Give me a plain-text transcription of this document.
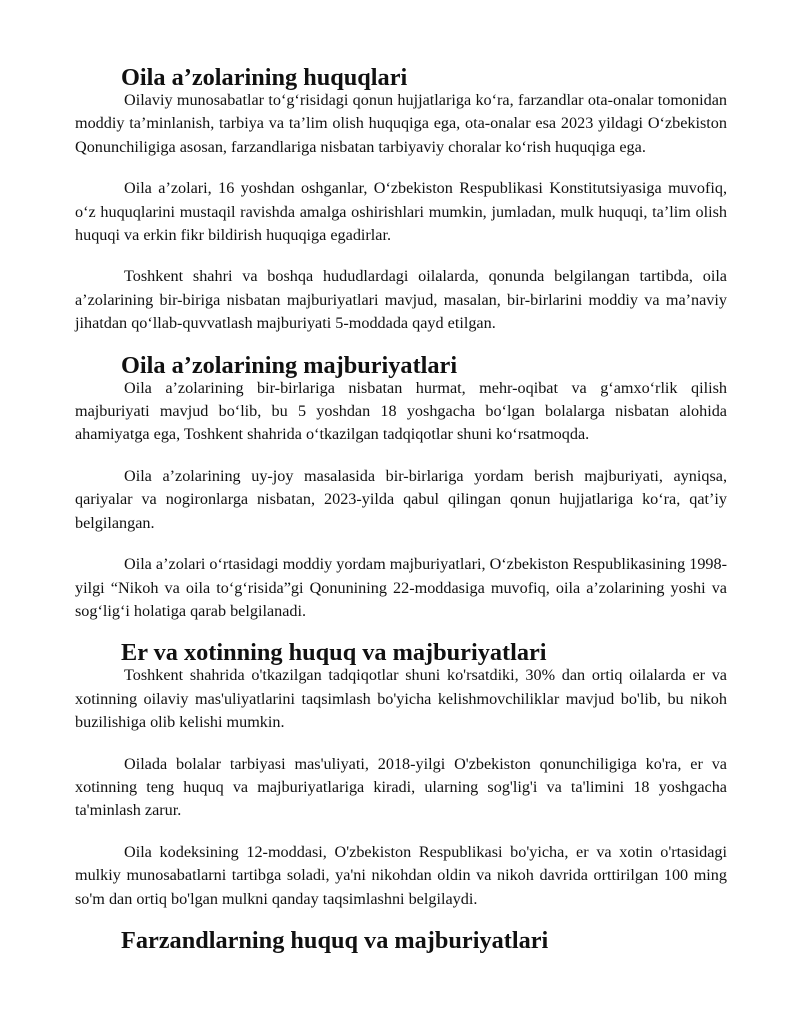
Oila a’zolarining huquqlari

Oilaviy munosabatlar to‘g‘risidagi qonun hujjatlariga ko‘ra, farzandlar ota-onalar tomonidan moddiy ta’minlanish, tarbiya va ta’lim olish huquqiga ega, ota-onalar esa 2023 yildagi O‘zbekiston Qonunchiligiga asosan, farzandlariga nisbatan tarbiyaviy choralar ko‘rish huquqiga ega.

Oila a’zolari, 16 yoshdan oshganlar, O‘zbekiston Respublikasi Konstitutsiyasiga muvofiq, o‘z huquqlarini mustaqil ravishda amalga oshirishlari mumkin, jumladan, mulk huquqi, ta’lim olish huquqi va erkin fikr bildirish huquqiga egadirlar.

Toshkent shahri va boshqa hududlardagi oilalarda, qonunda belgilangan tartibda, oila a’zolarining bir-biriga nisbatan majburiyatlari mavjud, masalan, bir-birlarini moddiy va ma’naviy jihatdan qo‘llab-quvvatlash majburiyati 5-moddada qayd etilgan.

Oila a’zolarining majburiyatlari

Oila a’zolarining bir-birlariga nisbatan hurmat, mehr-oqibat va g‘amxo‘rlik qilish majburiyati mavjud bo‘lib, bu 5 yoshdan 18 yoshgacha bo‘lgan bolalarga nisbatan alohida ahamiyatga ega, Toshkent shahrida o‘tkazilgan tadqiqotlar shuni ko‘rsatmoqda.

Oila a’zolarining uy-joy masalasida bir-birlariga yordam berish majburiyati, ayniqsa, qariyalar va nogironlarga nisbatan, 2023-yilda qabul qilingan qonun hujjatlariga ko‘ra, qat’iy belgilangan.

Oila a’zolari o‘rtasidagi moddiy yordam majburiyatlari, O‘zbekiston Respublikasining 1998-yilgi “Nikoh va oila to‘g‘risida”gi Qonunining 22-moddasiga muvofiq, oila a’zolarining yoshi va sog‘lig‘i holatiga qarab belgilanadi.

Er va xotinning huquq va majburiyatlari

Toshkent shahrida o'tkazilgan tadqiqotlar shuni ko'rsatdiki, 30% dan ortiq oilalarda er va xotinning oilaviy mas'uliyatlarini taqsimlash bo'yicha kelishmovchiliklar mavjud bo'lib, bu nikoh buzilishiga olib kelishi mumkin.

Oilada bolalar tarbiyasi mas'uliyati, 2018-yilgi O'zbekiston qonunchiligiga ko'ra, er va xotinning teng huquq va majburiyatlariga kiradi, ularning sog'lig'i va ta'limini 18 yoshgacha ta'minlash zarur.

Oila kodeksining 12-moddasi, O'zbekiston Respublikasi bo'yicha, er va xotin o'rtasidagi mulkiy munosabatlarni tartibga soladi, ya'ni nikohdan oldin va nikoh davrida orttirilgan 100 ming so'm dan ortiq bo'lgan mulkni qanday taqsimlashni belgilaydi.

Farzandlarning huquq va majburiyatlari
